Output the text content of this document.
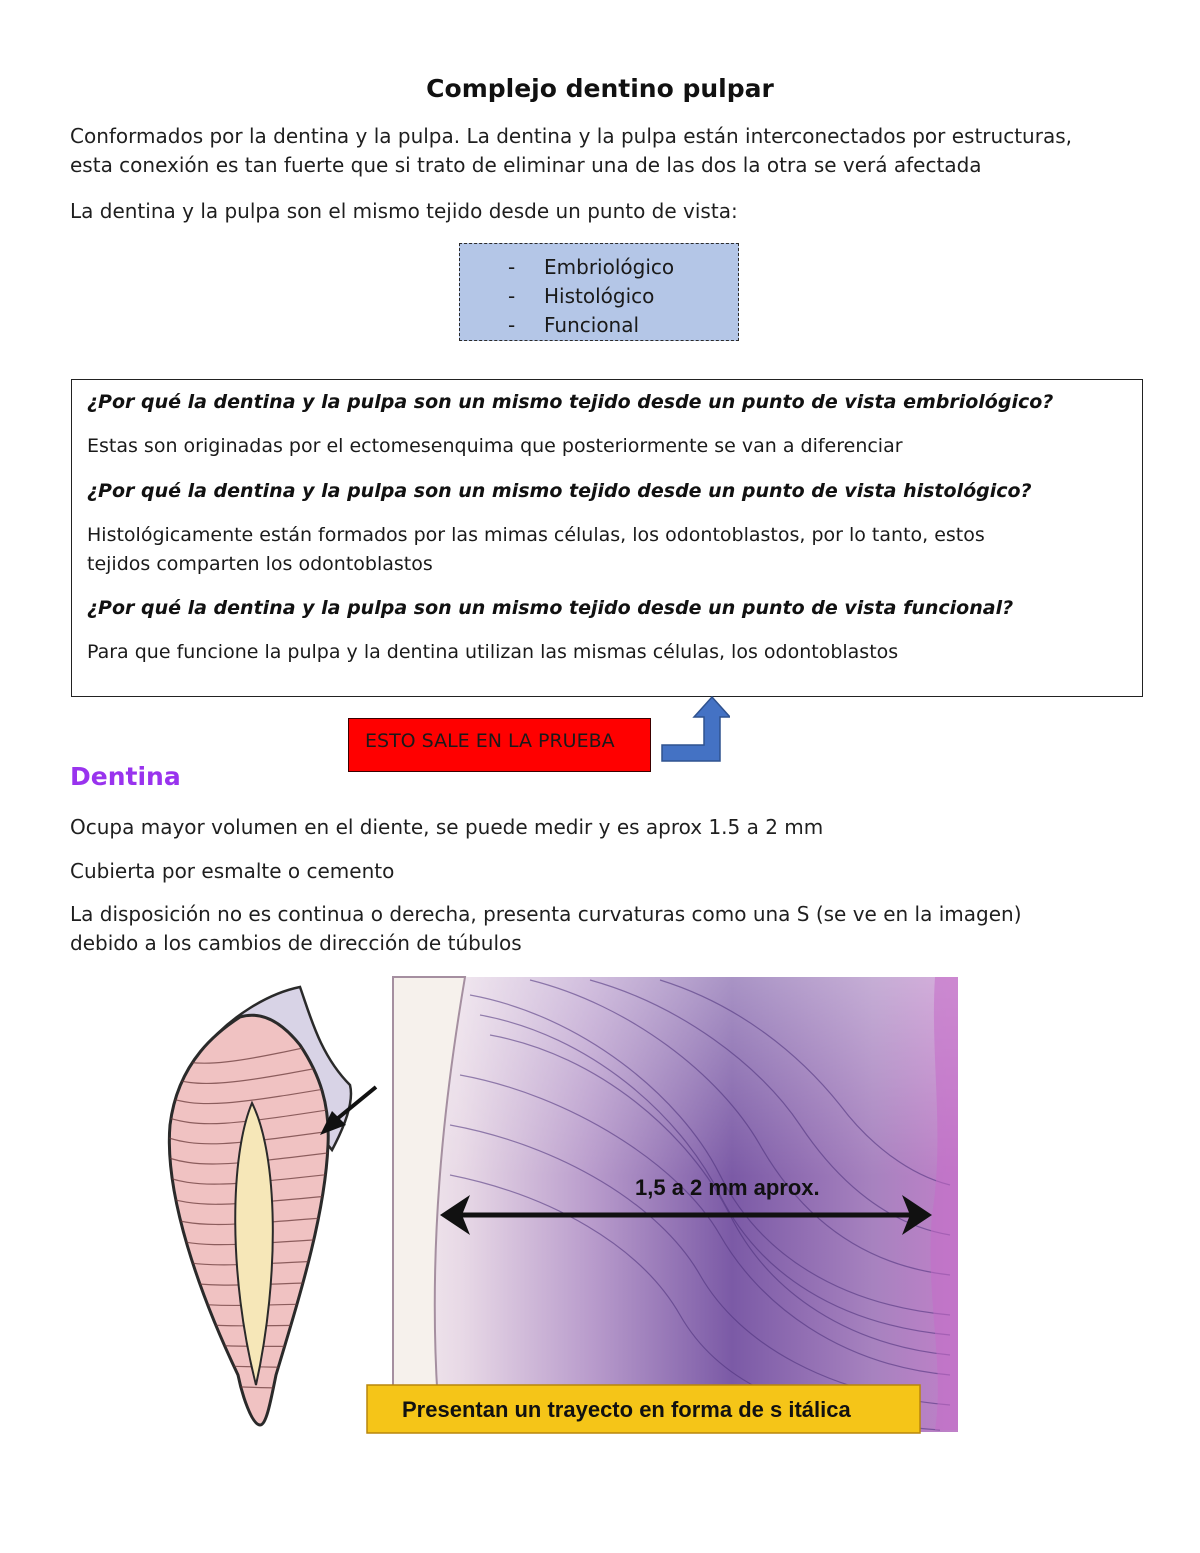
Complejo dentino pulpar
Conformados por la dentina y la pulpa. La dentina y la pulpa están interconectados por estructuras,
esta conexión es tan fuerte que si trato de eliminar una de las dos la otra se verá afectada
La dentina y la pulpa son el mismo tejido desde un punto de vista:
- Embriológico
- Histológico
- Funcional
¿Por qué la dentina y la pulpa son un mismo tejido desde un punto de vista embriológico?
Estas son originadas por el ectomesenquima que posteriormente se van a diferenciar
¿Por qué la dentina y la pulpa son un mismo tejido desde un punto de vista histológico?
Histológicamente están formados por las mimas células, los odontoblastos, por lo tanto, estos
tejidos comparten los odontoblastos
¿Por qué la dentina y la pulpa son un mismo tejido desde un punto de vista funcional?
Para que funcione la pulpa y la dentina utilizan las mismas células, los odontoblastos
ESTO SALE EN LA PRUEBA
Dentina
Ocupa mayor volumen en el diente, se puede medir y es aprox 1.5 a 2 mm
Cubierta por esmalte o cemento
La disposición no es continua o derecha, presenta curvaturas como una S (se ve en la imagen)
debido a los cambios de dirección de túbulos
1,5 a 2 mm aprox.
Presentan un trayecto en forma de s itálica
